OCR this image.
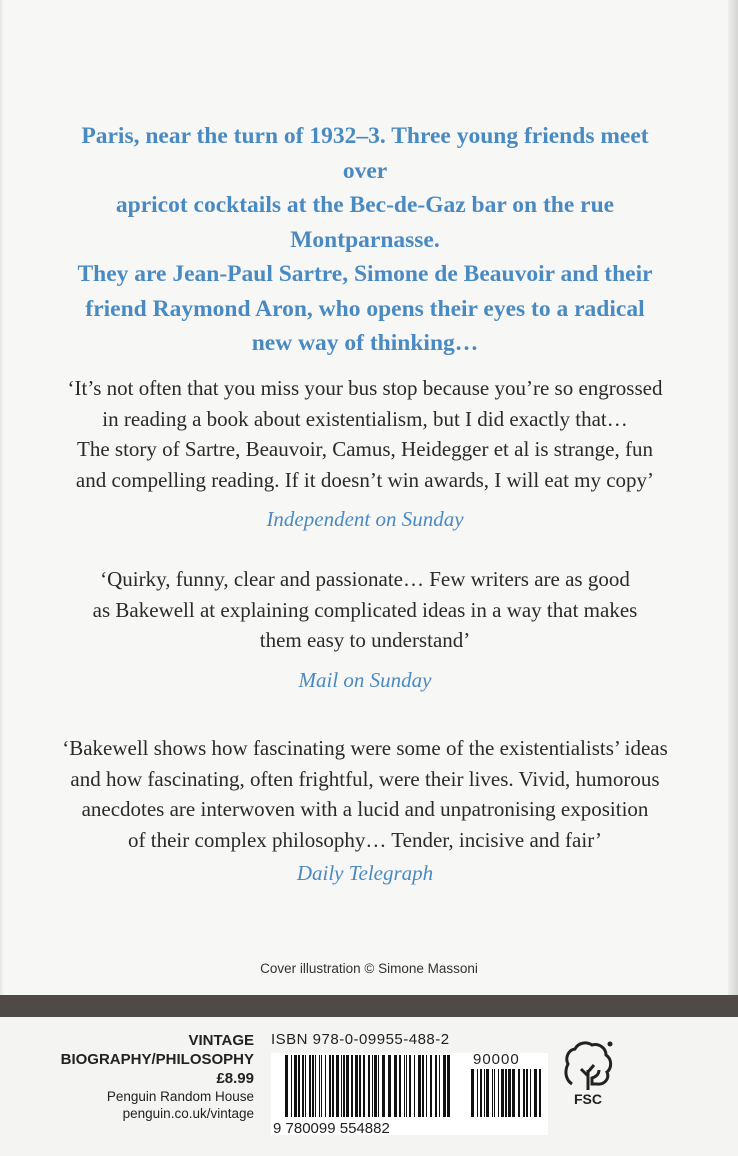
Paris, near the turn of 1932–3. Three young friends meet over
apricot cocktails at the Bec-de-Gaz bar on the rue Montparnasse.
They are Jean-Paul Sartre, Simone de Beauvoir and their
friend Raymond Aron, who opens their eyes to a radical
new way of thinking…

‘It’s not often that you miss your bus stop because you’re so engrossed
in reading a book about existentialism, but I did exactly that…
The story of Sartre, Beauvoir, Camus, Heidegger et al is strange, fun
and compelling reading. If it doesn’t win awards, I will eat my copy’

Independent on Sunday

‘Quirky, funny, clear and passionate… Few writers are as good
as Bakewell at explaining complicated ideas in a way that makes
them easy to understand’

Mail on Sunday

‘Bakewell shows how fascinating were some of the existentialists’ ideas
and how fascinating, often frightful, were their lives. Vivid, humorous
anecdotes are interwoven with a lucid and unpatronising exposition
of their complex philosophy… Tender, incisive and fair’

Daily Telegraph

Cover illustration © Simone Massoni
VINTAGE
BIOGRAPHY/PHILOSOPHY
£8.99
Penguin Random House
penguin.co.uk/vintage
ISBN 978-0-09955-488-2
9 780099 554882
90000
FSC
